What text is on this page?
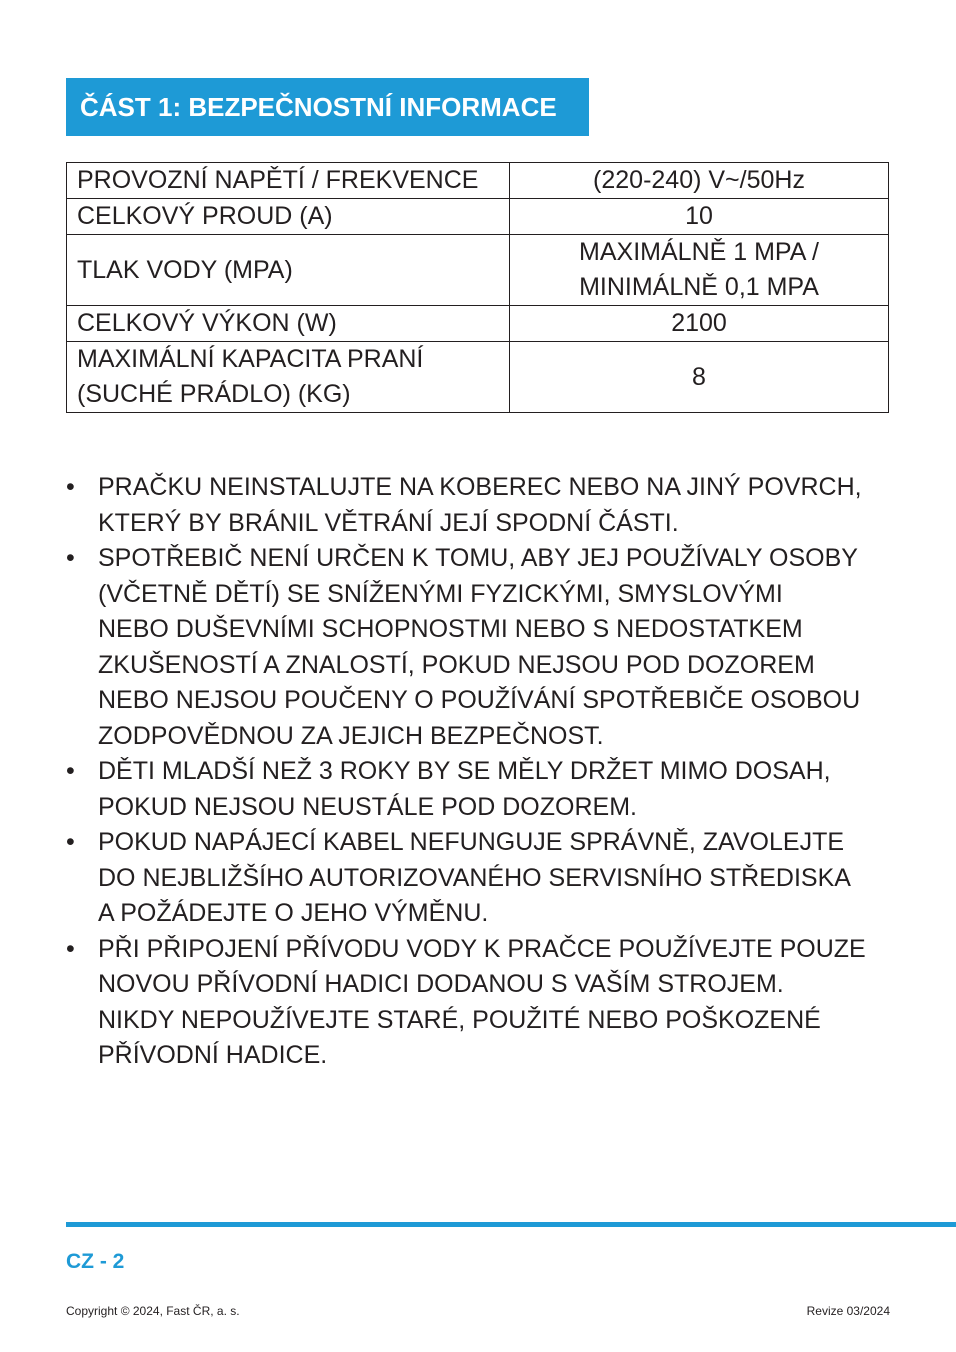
ČÁST 1: BEZPEČNOSTNÍ INFORMACE
PROVOZNÍ NAPĚTÍ / FREKVENCE	(220-240) V~/50Hz
CELKOVÝ PROUD (A)	10
TLAK VODY (MPA)	MAXIMÁLNĚ 1 MPA /
MINIMÁLNĚ 0,1 MPA

CELKOVÝ VÝKON (W)	2100

MAXIMÁLNÍ KAPACITA PRANÍ
(SUCHÉ PRÁDLO) (KG)	8
• PRAČKU NEINSTALUJTE NA KOBEREC NEBO NA JINÝ POVRCH,
KTERÝ BY BRÁNIL VĚTRÁNÍ JEJÍ SPODNÍ ČÁSTI.
• SPOTŘEBIČ NENÍ URČEN K TOMU, ABY JEJ POUŽÍVALY OSOBY
(VČETNĚ DĚTÍ) SE SNÍŽENÝMI FYZICKÝMI, SMYSLOVÝMI
NEBO DUŠEVNÍMI SCHOPNOSTMI NEBO S NEDOSTATKEM
ZKUŠENOSTÍ A ZNALOSTÍ, POKUD NEJSOU POD DOZOREM
NEBO NEJSOU POUČENY O POUŽÍVÁNÍ SPOTŘEBIČE OSOBOU
ZODPOVĚDNOU ZA JEJICH BEZPEČNOST.
• DĚTI MLADŠÍ NEŽ 3 ROKY BY SE MĚLY DRŽET MIMO DOSAH,
POKUD NEJSOU NEUSTÁLE POD DOZOREM.
• POKUD NAPÁJECÍ KABEL NEFUNGUJE SPRÁVNĚ, ZAVOLEJTE
DO NEJBLIŽŠÍHO AUTORIZOVANÉHO SERVISNÍHO STŘEDISKA
A POŽÁDEJTE O JEHO VÝMĚNU.
• PŘI PŘIPOJENÍ PŘÍVODU VODY K PRAČCE POUŽÍVEJTE POUZE
NOVOU PŘÍVODNÍ HADICI DODANOU S VAŠÍM STROJEM.
NIKDY NEPOUŽÍVEJTE STARÉ, POUŽITÉ NEBO POŠKOZENÉ
PŘÍVODNÍ HADICE.
CZ - 2
Copyright © 2024, Fast ČR, a. s.	Revize 03/2024
